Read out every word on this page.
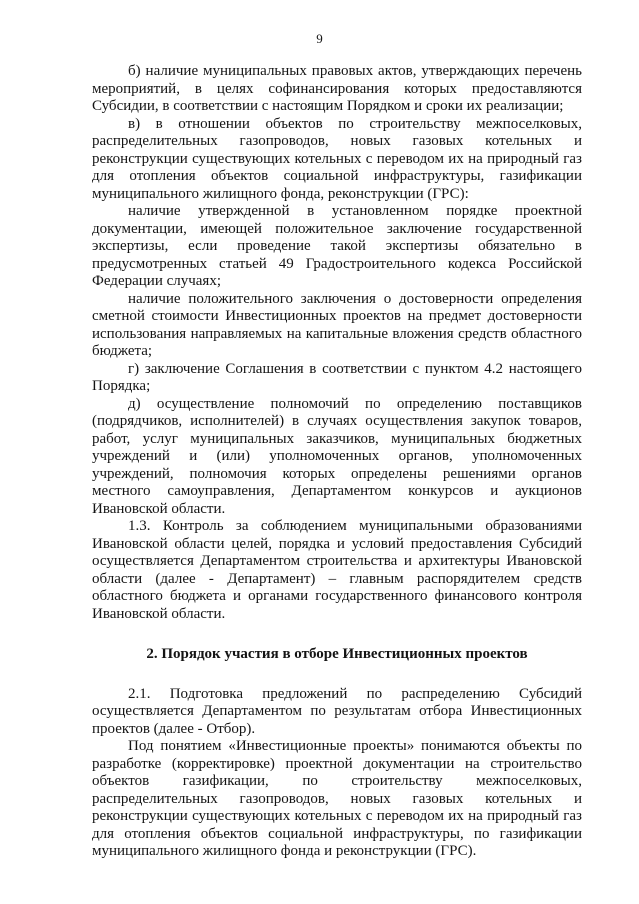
9

б) наличие муниципальных правовых актов, утверждающих перечень мероприятий, в целях софинансирования которых предоставляются Субсидии, в соответствии с настоящим Порядком и сроки их реализации;

в) в отношении объектов по строительству межпоселковых, распределительных газопроводов, новых газовых котельных и реконструкции существующих котельных с переводом их на природный газ для отопления объектов социальной инфраструктуры, газификации муниципального жилищного фонда, реконструкции (ГРС):

наличие утвержденной в установленном порядке проектной документации, имеющей положительное заключение государственной экспертизы, если проведение такой экспертизы обязательно в предусмотренных статьей 49 Градостроительного кодекса Российской Федерации случаях;

наличие положительного заключения о достоверности определения сметной стоимости Инвестиционных проектов на предмет достоверности использования направляемых на капитальные вложения средств областного бюджета;

г) заключение Соглашения в соответствии с пунктом 4.2 настоящего Порядка;

д) осуществление полномочий по определению поставщиков (подрядчиков, исполнителей) в случаях осуществления закупок товаров, работ, услуг муниципальных заказчиков, муниципальных бюджетных учреждений и (или) уполномоченных органов, уполномоченных учреждений, полномочия которых определены решениями органов местного самоуправления, Департаментом конкурсов и аукционов Ивановской области.

1.3. Контроль за соблюдением муниципальными образованиями Ивановской области целей, порядка и условий предоставления Субсидий осуществляется Департаментом строительства и архитектуры Ивановской области (далее - Департамент) – главным распорядителем средств областного бюджета и органами государственного финансового контроля Ивановской области.

2. Порядок участия в отборе Инвестиционных проектов

2.1. Подготовка предложений по распределению Субсидий осуществляется Департаментом по результатам отбора Инвестиционных проектов (далее - Отбор).

Под понятием «Инвестиционные проекты» понимаются объекты по разработке (корректировке) проектной документации на строительство объектов газификации, по строительству межпоселковых, распределительных газопроводов, новых газовых котельных и реконструкции существующих котельных с переводом их на природный газ для отопления объектов социальной инфраструктуры, по газификации муниципального жилищного фонда и реконструкции (ГРС).
